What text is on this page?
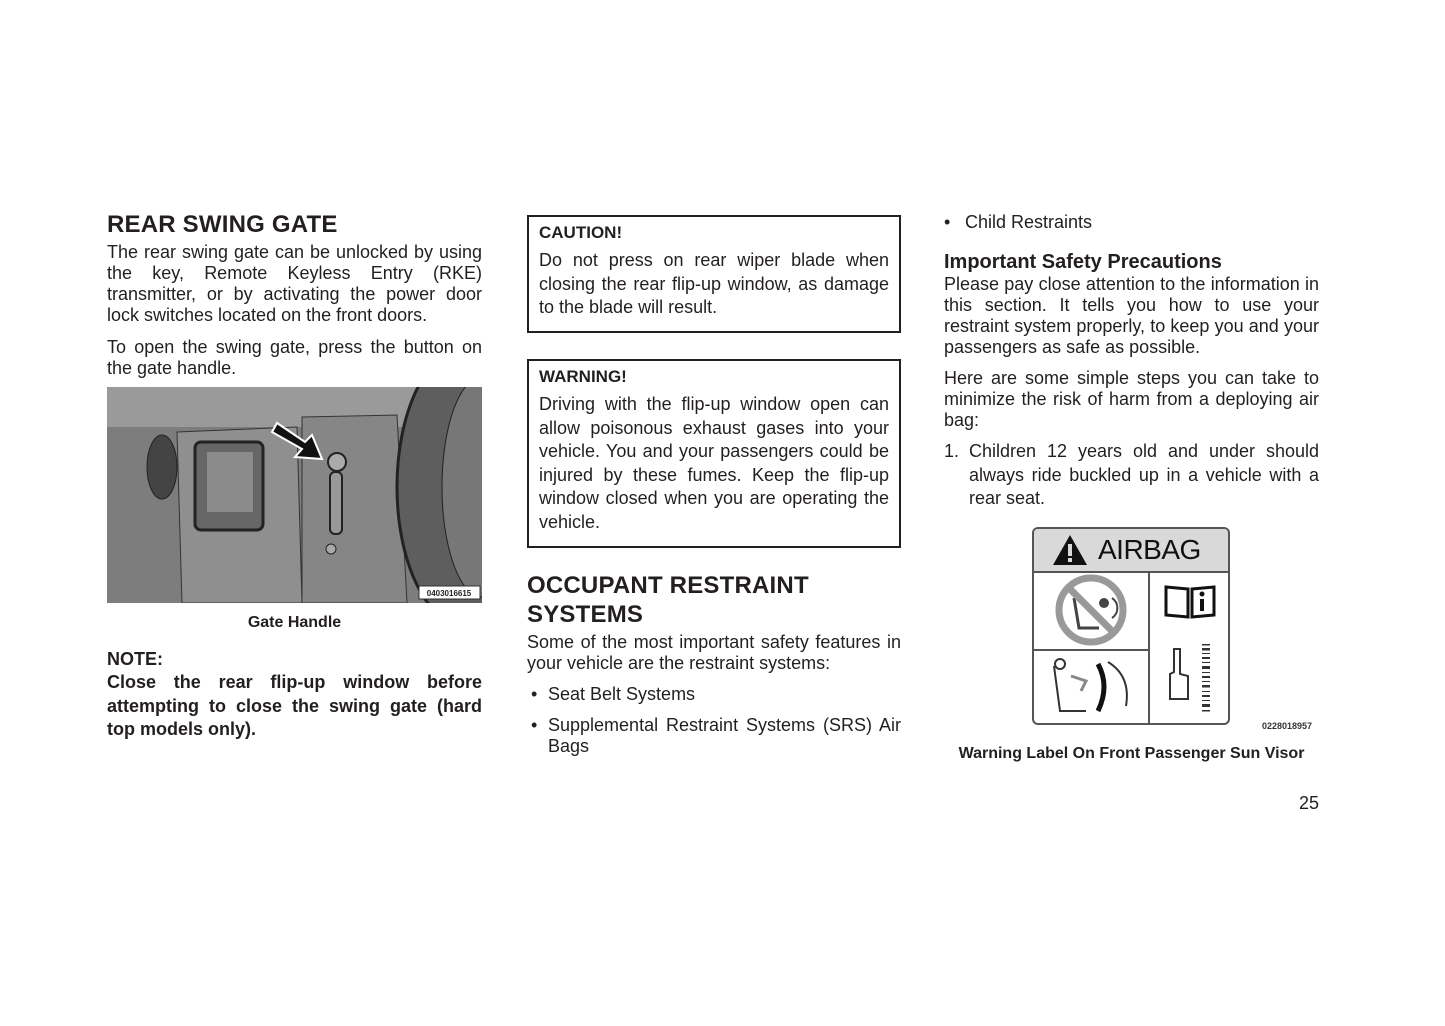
REAR SWING GATE

The rear swing gate can be unlocked by using the key, Remote Keyless Entry (RKE) transmitter, or by activating the power door lock switches located on the front doors.

To open the swing gate, press the button on the gate handle.

0403016615
Gate Handle
NOTE:

Close the rear flip-up window before attempting to close the swing gate (hard top models only).

CAUTION!

Do not press on rear wiper blade when closing the rear flip-up window, as damage to the blade will result.

WARNING!

Driving with the flip-up window open can allow poisonous exhaust gases into your vehicle. You and your passengers could be injured by these fumes. Keep the flip-up window closed when you are operating the vehicle.

OCCUPANT RESTRAINT SYSTEMS

Some of the most important safety features in your vehicle are the restraint systems:

• Seat Belt Systems
• Supplemental Restraint Systems (SRS) Air Bags
• Child Restraints
Important Safety Precautions

Please pay close attention to the information in this section. It tells you how to use your restraint system properly, to keep you and your passengers as safe as possible.

Here are some simple steps you can take to minimize the risk of harm from a deploying air bag:

1. Children 12 years old and under should always ride buckled up in a vehicle with a rear seat.
AIRBAG
0228018957
Warning Label On Front Passenger Sun Visor
25
